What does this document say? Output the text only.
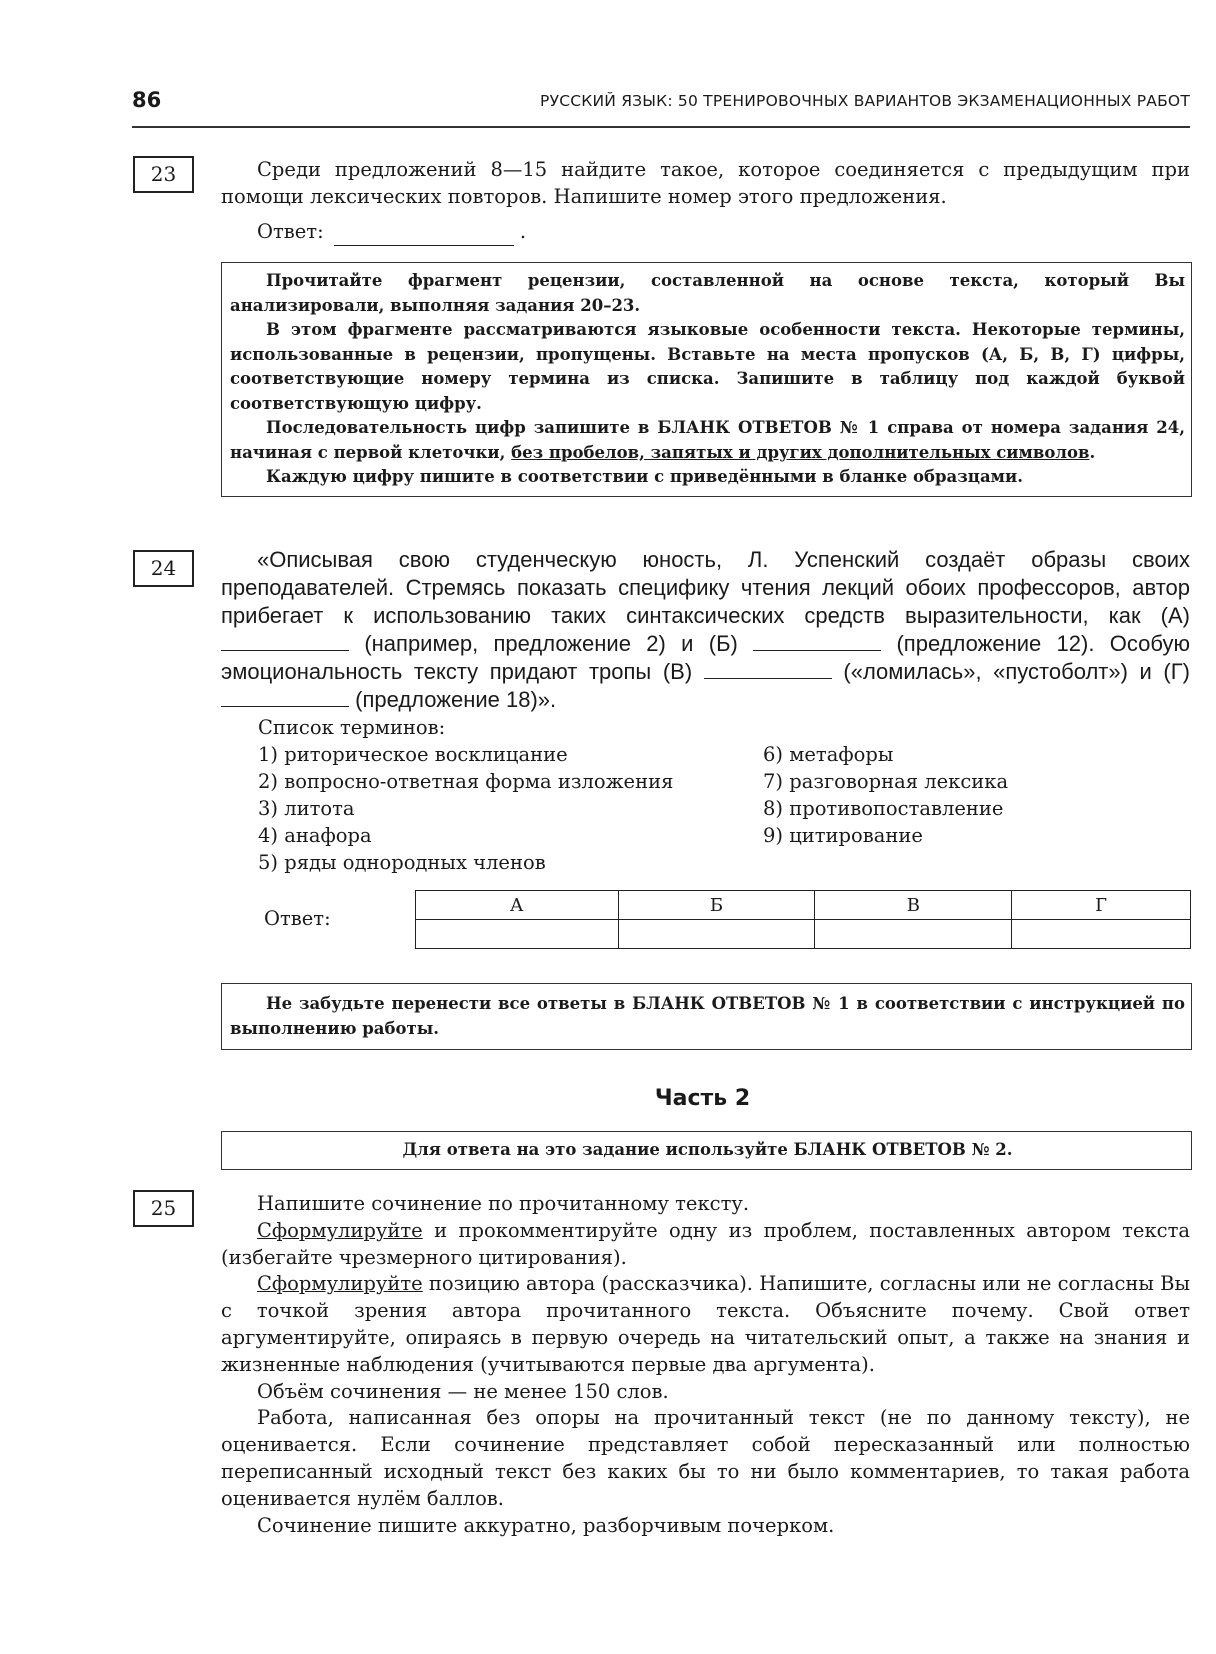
86	РУССКИЙ ЯЗЫК: 50 ТРЕНИРОВОЧНЫХ ВАРИАНТОВ ЭКЗАМЕНАЦИОННЫХ РАБОТ
23	Среди предложений 8—15 найдите такое, которое соединяется с предыдущим при помощи лексических повторов. Напишите номер этого предложения.

Ответ:	.

Прочитайте фрагмент рецензии, составленной на основе текста, который Вы анализировали, выполняя задания 20–23.

В этом фрагменте рассматриваются языковые особенности текста. Некоторые термины, использованные в рецензии, пропущены. Вставьте на места пропусков (А, Б, В, Г) цифры, соответствующие номеру термина из списка. Запишите в таблицу под каждой буквой соответствующую цифру.

Последовательность цифр запишите в БЛАНК ОТВЕТОВ № 1 справа от номера задания 24, начиная с первой клеточки, без пробелов, запятых и других дополнительных символов.

Каждую цифру пишите в соответствии с приведёнными в бланке образцами.

24	«Описывая свою студенческую юность, Л. Успенский создаёт образы своих преподавателей. Стремясь показать специфику чтения лекций обоих профессоров, автор прибегает к использованию таких синтаксических средств выразительности, как (А)  (например, предложение 2) и (Б)	(предложение 12). Особую эмоциональность тексту придают тропы (В)	(«ломилась», «пустоболт») и (Г)  (предложение 18)».

Список терминов:
1) риторическое восклицание
2) вопросно-ответная форма изложения
3) литота
4) анафора
5) ряды однородных членов
6) метафоры
7) разговорная лексика
8) противопоставление
9) цитирование
Ответ:
А	Б	В	Г

Не забудьте перенести все ответы в БЛАНК ОТВЕТОВ № 1 в соответствии с инструкцией по выполнению работы.

Часть 2
Для ответа на это задание используйте БЛАНК ОТВЕТОВ № 2.
25	Напишите сочинение по прочитанному тексту.

Сформулируйте и прокомментируйте одну из проблем, поставленных автором текста (избегайте чрезмерного цитирования).

Сформулируйте позицию автора (рассказчика). Напишите, согласны или не согласны Вы с точкой зрения автора прочитанного текста. Объясните почему. Свой ответ аргументируйте, опираясь в первую очередь на читательский опыт, а также на знания и жизненные наблюдения (учитываются первые два аргумента).

Объём сочинения — не менее 150 слов.

Работа, написанная без опоры на прочитанный текст (не по данному тексту), не оценивается. Если сочинение представляет собой пересказанный или полностью переписанный исходный текст без каких бы то ни было комментариев, то такая работа оценивается нулём баллов.

Сочинение пишите аккуратно, разборчивым почерком.
